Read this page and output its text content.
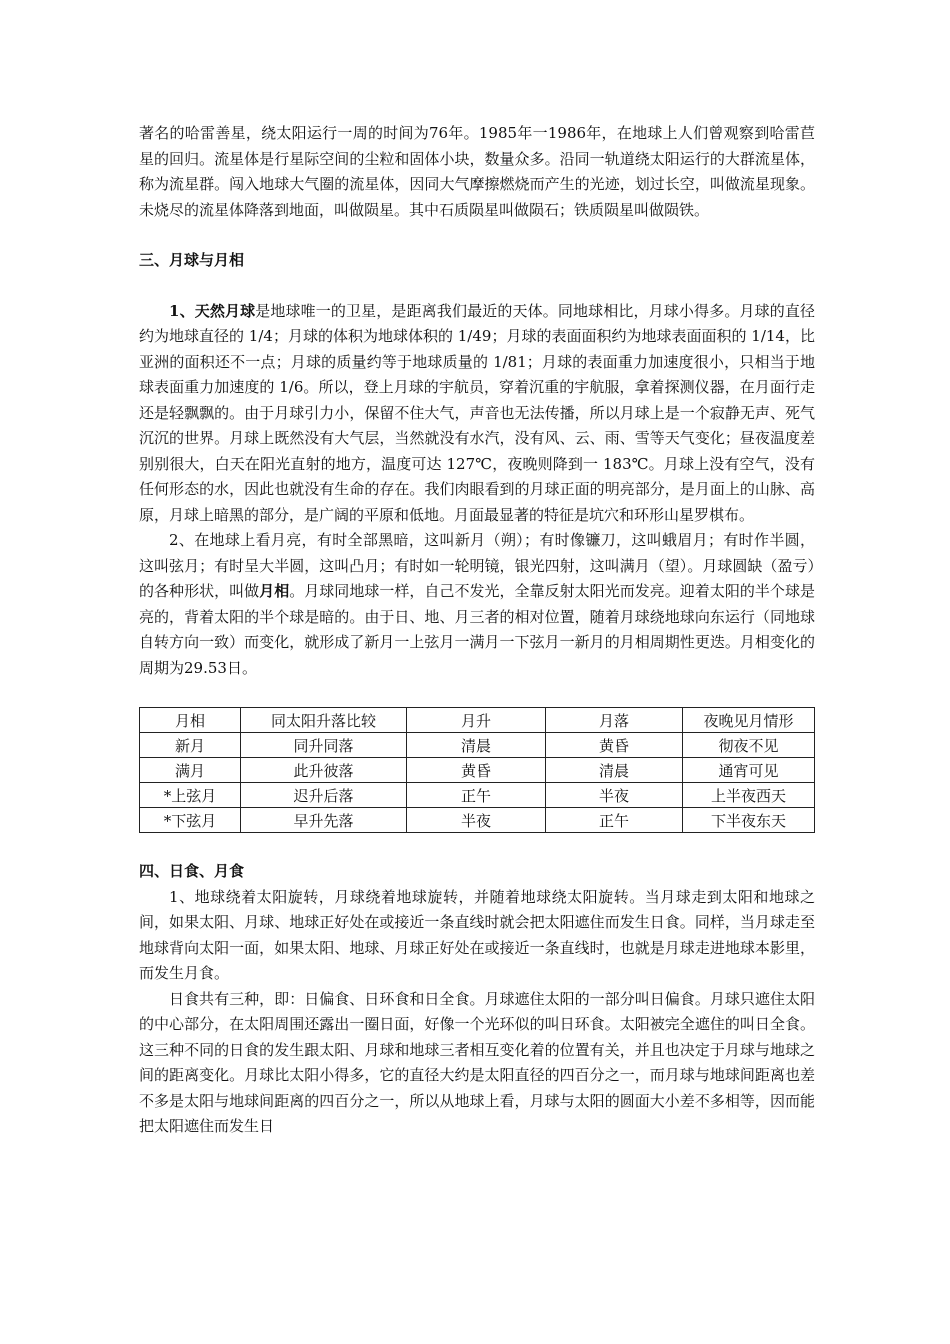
著名的哈雷善星，绕太阳运行一周的时间为76年。1985年一1986年，在地球上人们曾观察到哈雷苣星的回归。流星体是行星际空间的尘粒和固体小块，数量众多。沿同一轨道绕太阳运行的大群流星体，称为流星群。闯入地球大气圈的流星体，因同大气摩擦燃烧而产生的光迹，划过长空，叫做流星现象。未烧尽的流星体降落到地面，叫做陨星。其中石质陨星叫做陨石；铁质陨星叫做陨铁。

三、月球与月相

1、天然月球是地球唯一的卫星，是距离我们最近的天体。同地球相比，月球小得多。月球的直径约为地球直径的 1/4；月球的体积为地球体积的 1/49；月球的表面面积约为地球表面面积的 1/14，比亚洲的面积还不一点；月球的质量约等于地球质量的 1/81；月球的表面重力加速度很小，只相当于地球表面重力加速度的 1/6。所以，登上月球的宇航员，穿着沉重的宇航服，拿着探测仪器，在月面行走还是轻飘飘的。由于月球引力小，保留不住大气，声音也无法传播，所以月球上是一个寂静无声、死气沉沉的世界。月球上既然没有大气层，当然就没有水汽，没有风、云、雨、雪等天气变化；昼夜温度差别别很大，白天在阳光直射的地方，温度可达 127℃，夜晚则降到一 183℃。月球上没有空气，没有任何形态的水，因此也就没有生命的存在。我们肉眼看到的月球正面的明亮部分，是月面上的山脉、高原，月球上暗黑的部分，是广阔的平原和低地。月面最显著的特征是坑穴和环形山星罗棋布。

2、在地球上看月亮，有时全部黑暗，这叫新月（朔）；有时像镰刀，这叫蛾眉月；有时作半圆，这叫弦月；有时呈大半圆，这叫凸月；有时如一轮明镜，银光四射，这叫满月（望）。月球圆缺（盈亏）的各种形状，叫做月相。月球同地球一样，自己不发光，全靠反射太阳光而发亮。迎着太阳的半个球是亮的，背着太阳的半个球是暗的。由于日、地、月三者的相对位置，随着月球绕地球向东运行（同地球自转方向一致）而变化，就形成了新月一上弦月一满月一下弦月一新月的月相周期性更迭。月相变化的周期为29.53日。

月相	同太阳升落比较	月升	月落	夜晚见月情形
新月	同升同落	清晨	黄昏	彻夜不见
满月	此升彼落	黄昏	清晨	通宵可见
*上弦月	迟升后落	正午	半夜	上半夜西天
*下弦月	早升先落	半夜	正午	下半夜东天

四、日食、月食

1、地球绕着太阳旋转，月球绕着地球旋转，并随着地球绕太阳旋转。当月球走到太阳和地球之间，如果太阳、月球、地球正好处在或接近一条直线时就会把太阳遮住而发生日食。同样，当月球走至地球背向太阳一面，如果太阳、地球、月球正好处在或接近一条直线时，也就是月球走进地球本影里，而发生月食。

日食共有三种，即：日偏食、日环食和日全食。月球遮住太阳的一部分叫日偏食。月球只遮住太阳的中心部分，在太阳周围还露出一圈日面，好像一个光环似的叫日环食。太阳被完全遮住的叫日全食。这三种不同的日食的发生跟太阳、月球和地球三者相互变化着的位置有关，并且也决定于月球与地球之间的距离变化。月球比太阳小得多，它的直径大约是太阳直径的四百分之一，而月球与地球间距离也差不多是太阳与地球间距离的四百分之一，所以从地球上看，月球与太阳的圆面大小差不多相等，因而能把太阳遮住而发生日
